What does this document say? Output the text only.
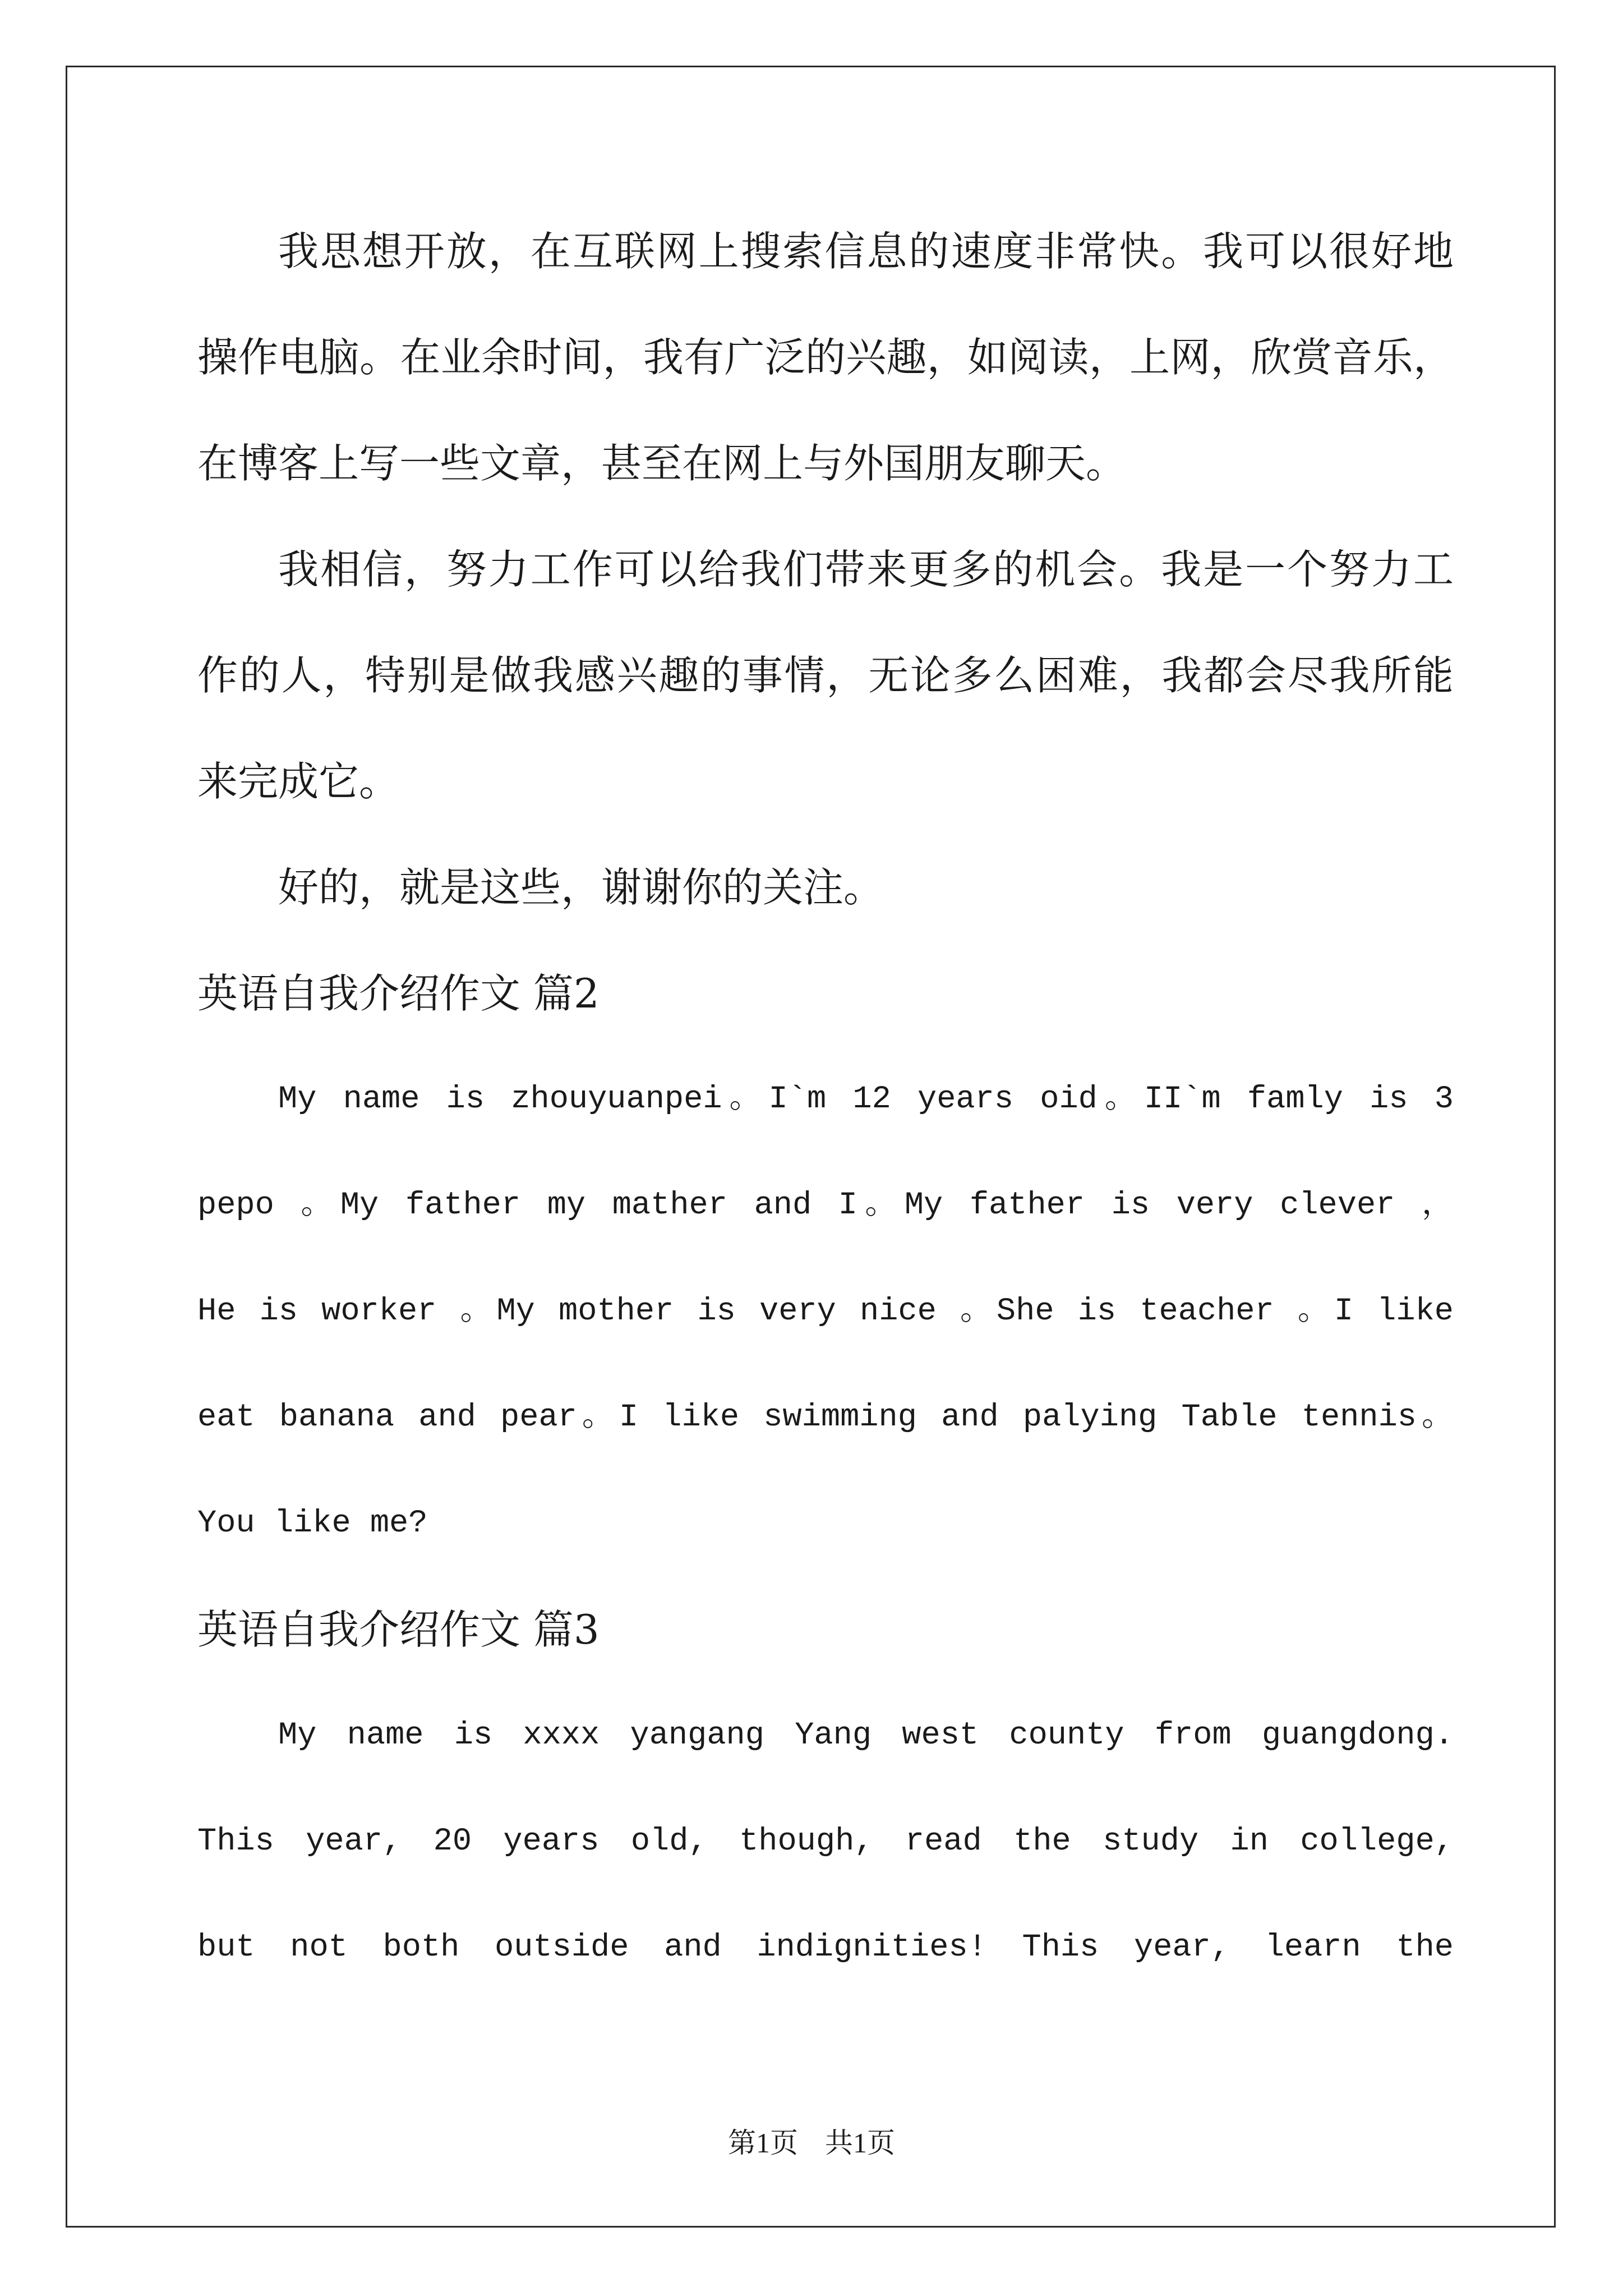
我思想开放，在互联网上搜索信息的速度非常快。我可以很好地
操作电脑。在业余时间，我有广泛的兴趣，如阅读，上网，欣赏音乐，
在博客上写一些文章，甚至在网上与外国朋友聊天。
我相信，努力工作可以给我们带来更多的机会。我是一个努力工
作的人，特别是做我感兴趣的事情，无论多么困难，我都会尽我所能
来完成它。
好的，就是这些，谢谢你的关注。
英语自我介绍作文 篇2
My name is zhouyuanpei。I`m 12 years oid。II`m famly is 3
pepo 。My father my mather and I。My father is very clever ，
He is worker 。My mother is very nice 。She is teacher 。I like
eat banana and pear。I like swimming and palying Table tennis。
You like me?
英语自我介绍作文 篇3
My name is xxxx yangang Yang west county from guangdong.
This year, 20 years old, though, read the study in college,
but not both outside and indignities! This year, learn the
第1页 共1页
